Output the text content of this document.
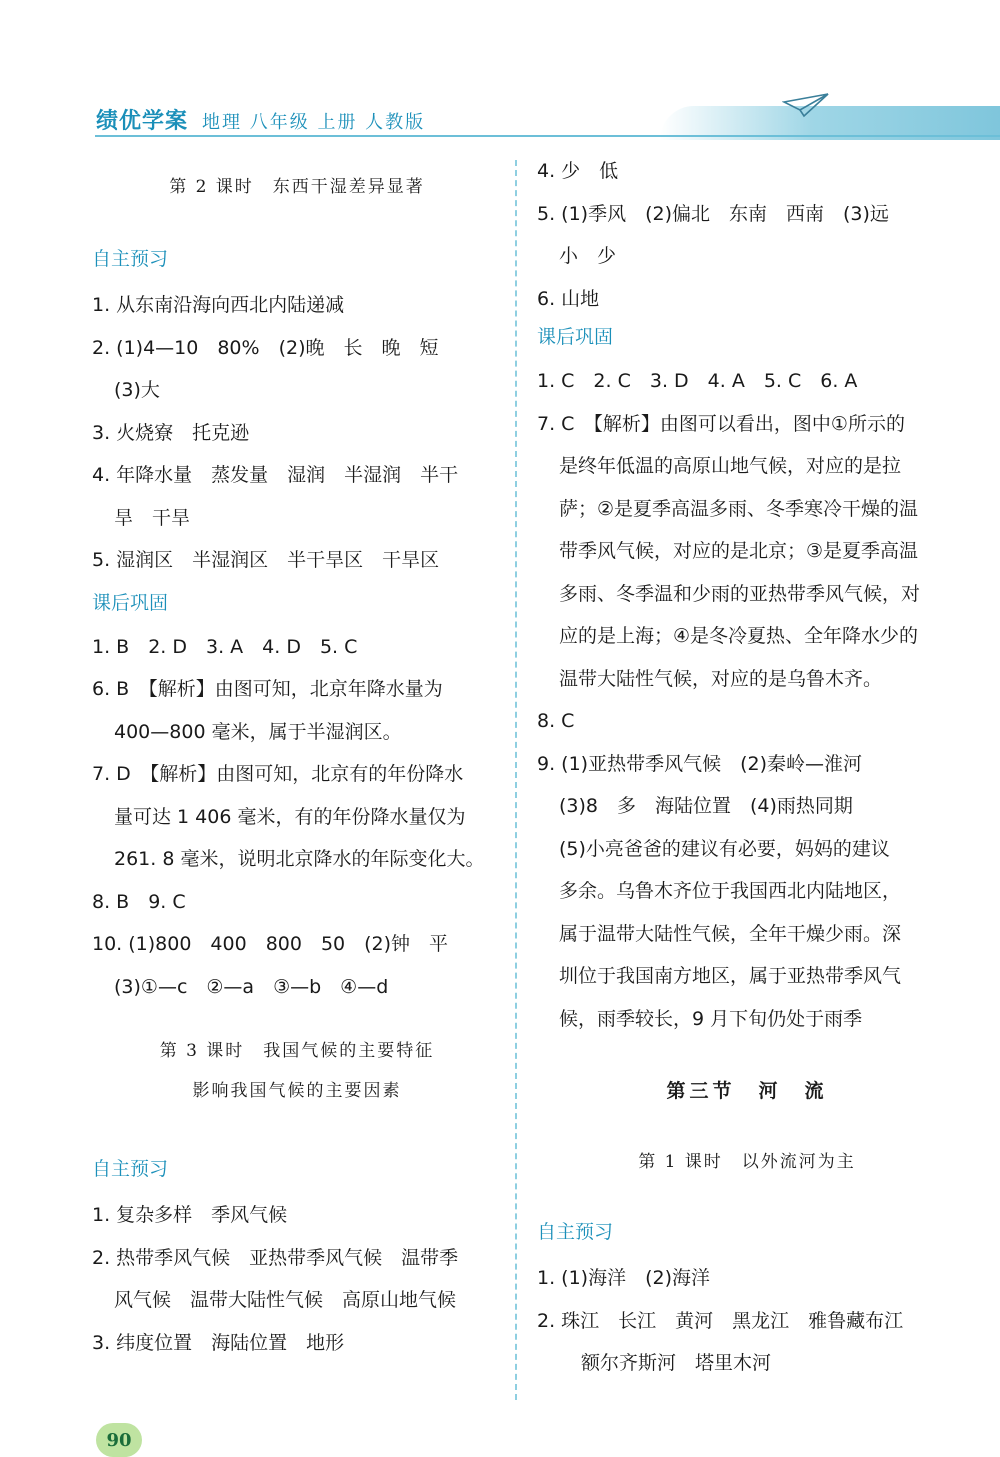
绩优学案 地理 八年级 上册 人教版

第 2 课时　东西干湿差异显著

自主预习

1. 从东南沿海向西北内陆递减

2. (1)4—10　80%　(2)晚　长　晚　短

(3)大

3. 火烧寮　托克逊

4. 年降水量　蒸发量　湿润　半湿润　半干

旱　干旱

5. 湿润区　半湿润区　半干旱区　干旱区

课后巩固

1. B　2. D　3. A　4. D　5. C

6. B　【解析】由图可知，北京年降水量为

400—800 毫米，属于半湿润区。

7. D　【解析】由图可知，北京有的年份降水

量可达 1 406 毫米，有的年份降水量仅为

261. 8 毫米，说明北京降水的年际变化大。

8. B　9. C

10. (1)800　400　800　50　(2)钟　平

(3)①—c　②—a　③—b　④—d

第 3 课时　我国气候的主要特征

影响我国气候的主要因素

自主预习

1. 复杂多样　季风气候

2. 热带季风气候　亚热带季风气候　温带季

风气候　温带大陆性气候　高原山地气候

3. 纬度位置　海陆位置　地形

4. 少　低

5. (1)季风　(2)偏北　东南　西南　(3)远

小　少

6. 山地

课后巩固

1. C　2. C　3. D　4. A　5. C　6. A

7. C　【解析】由图可以看出，图中①所示的

是终年低温的高原山地气候，对应的是拉

萨；②是夏季高温多雨、冬季寒冷干燥的温

带季风气候，对应的是北京；③是夏季高温

多雨、冬季温和少雨的亚热带季风气候，对

应的是上海；④是冬冷夏热、全年降水少的

温带大陆性气候，对应的是乌鲁木齐。

8. C

9. (1)亚热带季风气候　(2)秦岭—淮河

(3)8　多　海陆位置　(4)雨热同期

(5)小亮爸爸的建议有必要，妈妈的建议

多余。乌鲁木齐位于我国西北内陆地区，

属于温带大陆性气候，全年干燥少雨。深

圳位于我国南方地区，属于亚热带季风气

候，雨季较长，9 月下旬仍处于雨季

第三节　河　流

第 1 课时　以外流河为主

自主预习

1. (1)海洋　(2)海洋

2. 珠江　长江　黄河　黑龙江　雅鲁藏布江

额尔齐斯河　塔里木河

90
